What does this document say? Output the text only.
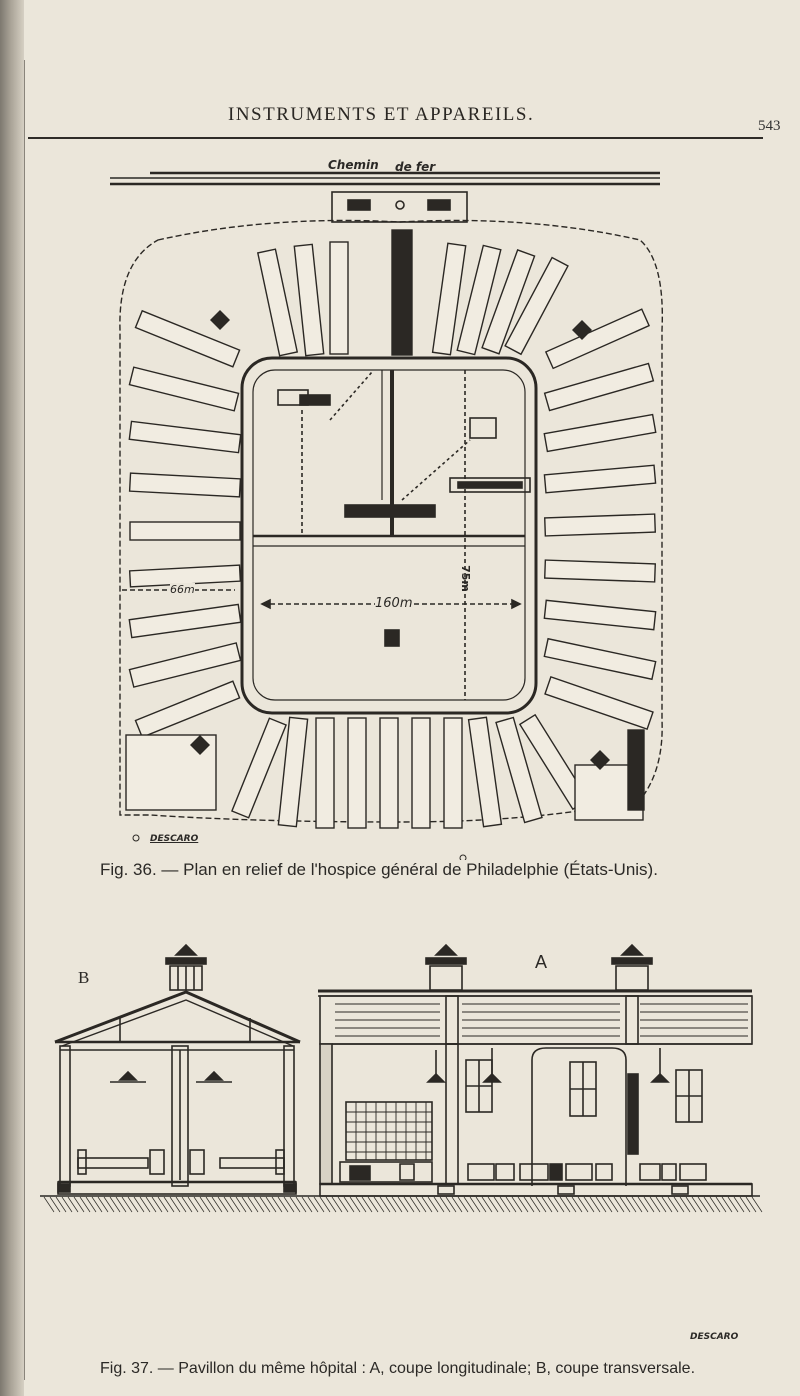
INSTRUMENTS ET APPAREILS.
543
Chemin de fer
160m
75m
66m
DESCARO
Fig. 36. — Plan en relief de l'hospice général de Philadelphie (États-Unis).
A
B
DESCARO
Fig. 37. — Pavillon du même hôpital : A, coupe longitudinale; B, coupe transversale.
